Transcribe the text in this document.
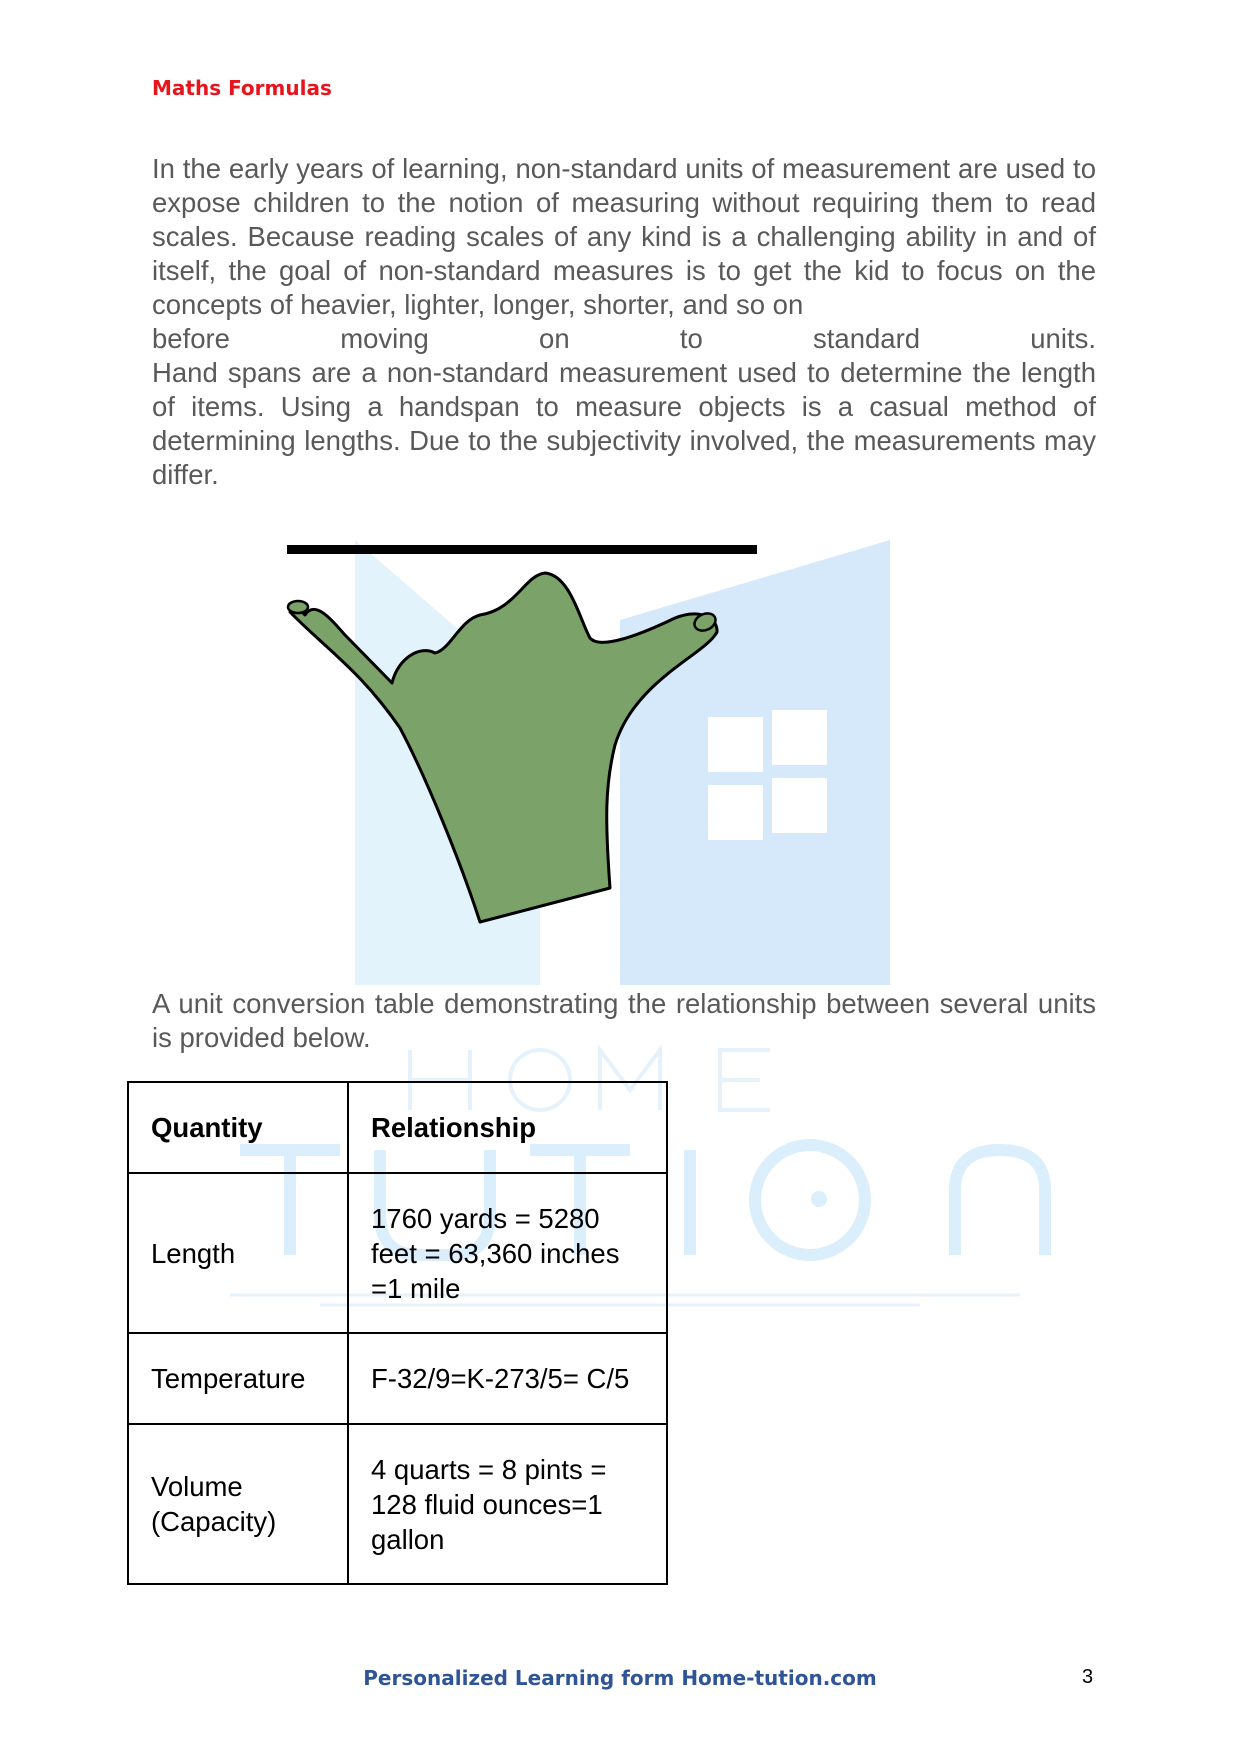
Maths Formulas

In the early years of learning, non-standard units of measurement are used to expose children to the notion of measuring without requiring them to read scales. Because reading scales of any kind is a challenging ability in and of itself, the goal of non-standard measures is to get the kid to focus on the concepts of heavier, lighter, longer, shorter, and so on
before moving on to standard units.
Hand spans are a non-standard measurement used to determine the length of items. Using a handspan to measure objects is a casual method of determining lengths. Due to the subjectivity involved, the measurements may differ.

A unit conversion table demonstrating the relationship between several units is provided below.

Quantity	Relationship
Length	1760 yards = 5280 feet = 63,360 inches =1 mile
Temperature	F-32/9=K-273/5= C/5
Volume (Capacity)	4 quarts = 8 pints = 128 fluid ounces=1 gallon
Personalized Learning form Home-tution.com	3
